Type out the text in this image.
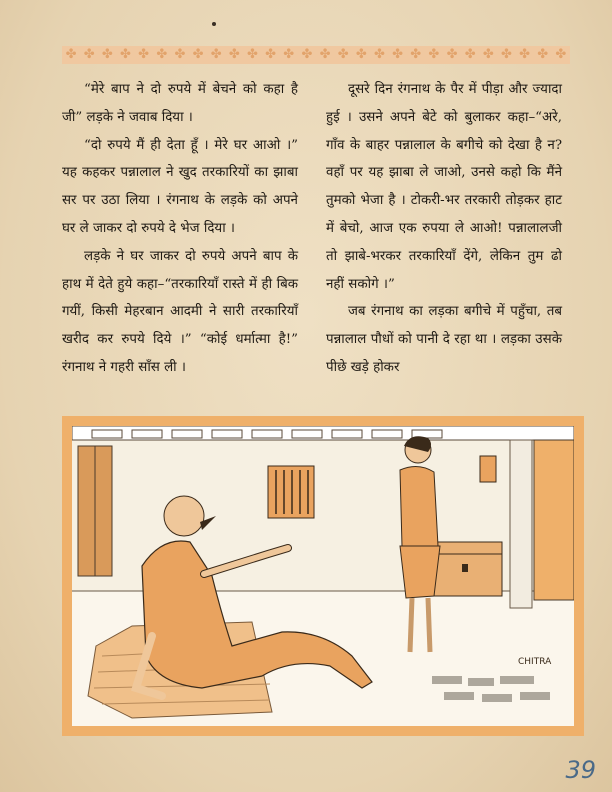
✤ ✤ ✤ ✤ ✤ ✤ ✤ ✤ ✤ ✤ ✤ ✤ ✤ ✤ ✤ ✤ ✤ ✤ ✤ ✤ ✤ ✤ ✤ ✤ ✤ ✤ ✤ ✤

“मेरे बाप ने दो रुपये में बेचने को कहा है जी” लड़के ने जवाब दिया ।

“दो रुपये मैं ही देता हूँ । मेरे घर आओ ।” यह कहकर पन्नालाल ने खुद तरकारियों का झाबा सर पर उठा लिया । रंगनाथ के लड़के को अपने घर ले जाकर दो रुपये दे भेज दिया ।

लड़के ने घर जाकर दो रुपये अपने बाप के हाथ में देते हुये कहा–“तरकारियाँ रास्ते में ही बिक गयीं, किसी मेहरबान आदमी ने सारी तरकारियाँ खरीद कर रुपये दिये ।” “कोई धर्मात्मा है!” रंगनाथ ने गहरी साँस ली ।

दूसरे दिन रंगनाथ के पैर में पीड़ा और ज्यादा हुई । उसने अपने बेटे को बुलाकर कहा–“अरे, गाँव के बाहर पन्नालाल के बगीचे को देखा है न? वहाँ पर यह झाबा ले जाओ, उनसे कहो कि मैंने तुमको भेजा है । टोकरी-भर तरकारी तोड़कर हाट में बेचो, आज एक रुपया ले आओ! पन्नालालजी तो झाबे-भरकर तरकारियाँ देंगे, लेकिन तुम ढो नहीं सकोगे ।”

जब रंगनाथ का लड़का बगीचे में पहुँचा, तब पन्नालाल पौधों को पानी दे रहा था । लड़का उसके पीछे खड़े होकर

CHITRA
39
